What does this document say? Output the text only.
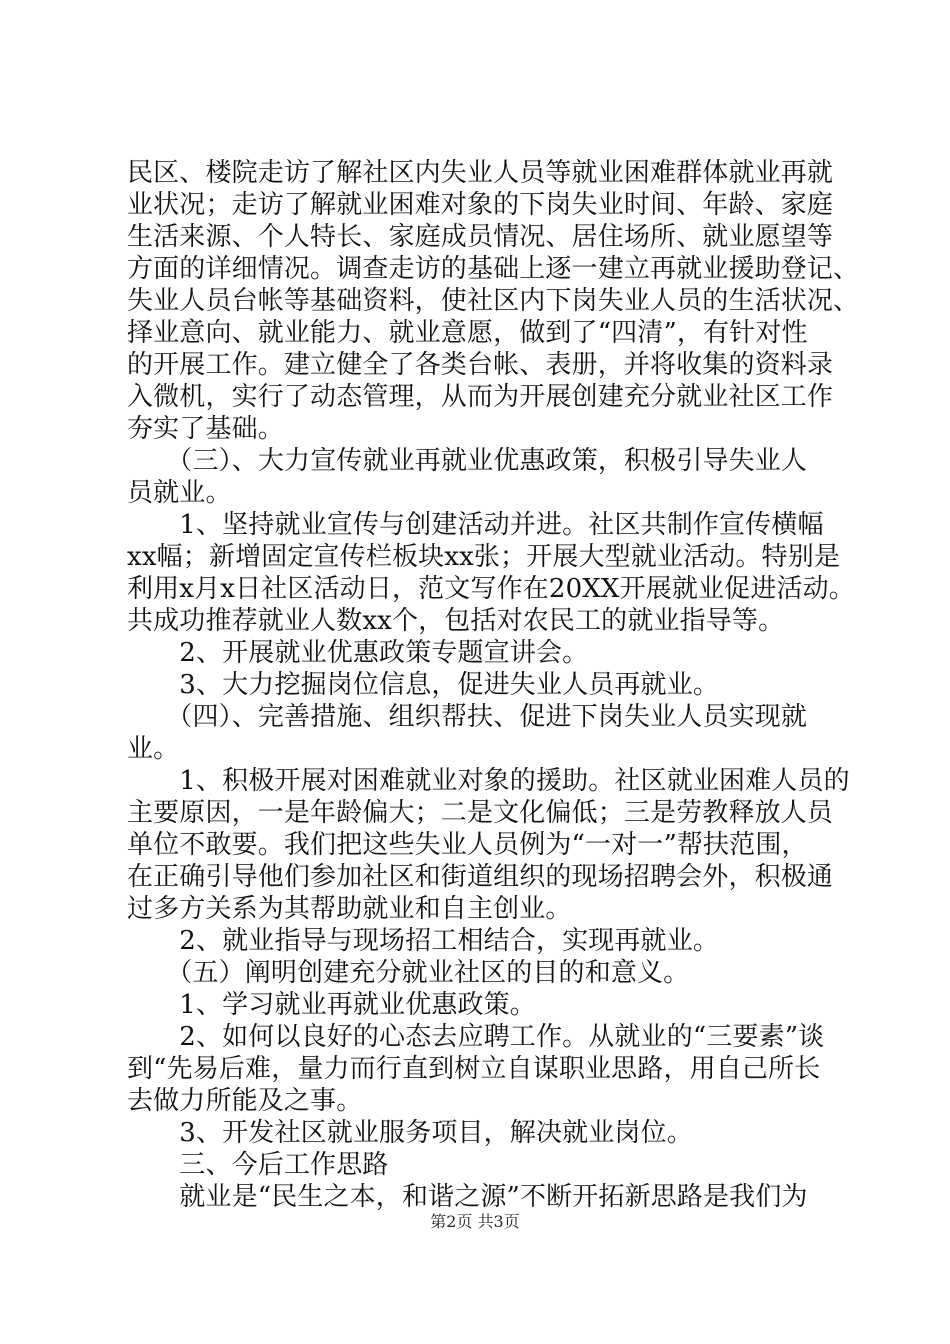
民区、楼院走访了解社区内失业人员等就业困难群体就业再就
业状况；走访了解就业困难对象的下岗失业时间、年龄、家庭
生活来源、个人特长、家庭成员情况、居住场所、就业愿望等
方面的详细情况。调查走访的基础上逐一建立再就业援助登记、
失业人员台帐等基础资料，使社区内下岗失业人员的生活状况、
择业意向、就业能力、就业意愿，做到了“四清”，有针对性
的开展工作。建立健全了各类台帐、表册，并将收集的资料录
入微机，实行了动态管理，从而为开展创建充分就业社区工作
夯实了基础。
　　（三）、大力宣传就业再就业优惠政策，积极引导失业人
员就业。
　　1、坚持就业宣传与创建活动并进。社区共制作宣传横幅
xx幅；新增固定宣传栏板块xx张；开展大型就业活动。特别是
利用x月x日社区活动日，范文写作在20XX开展就业促进活动。
共成功推荐就业人数xx个，包括对农民工的就业指导等。
　　2、开展就业优惠政策专题宣讲会。
　　3、大力挖掘岗位信息，促进失业人员再就业。
　　（四）、完善措施、组织帮扶、促进下岗失业人员实现就
业。
　　1、积极开展对困难就业对象的援助。社区就业困难人员的
主要原因，一是年龄偏大；二是文化偏低；三是劳教释放人员
单位不敢要。我们把这些失业人员例为“一对一”帮扶范围，
在正确引导他们参加社区和街道组织的现场招聘会外，积极通
过多方关系为其帮助就业和自主创业。
　　2、就业指导与现场招工相结合，实现再就业。
　　（五）阐明创建充分就业社区的目的和意义。
　　1、学习就业再就业优惠政策。
　　2、如何以良好的心态去应聘工作。从就业的“三要素”谈
到“先易后难，量力而行直到树立自谋职业思路，用自己所长
去做力所能及之事。
　　3、开发社区就业服务项目，解决就业岗位。
　　三、今后工作思路
　　就业是“民生之本，和谐之源”不断开拓新思路是我们为
第2页 共3页
